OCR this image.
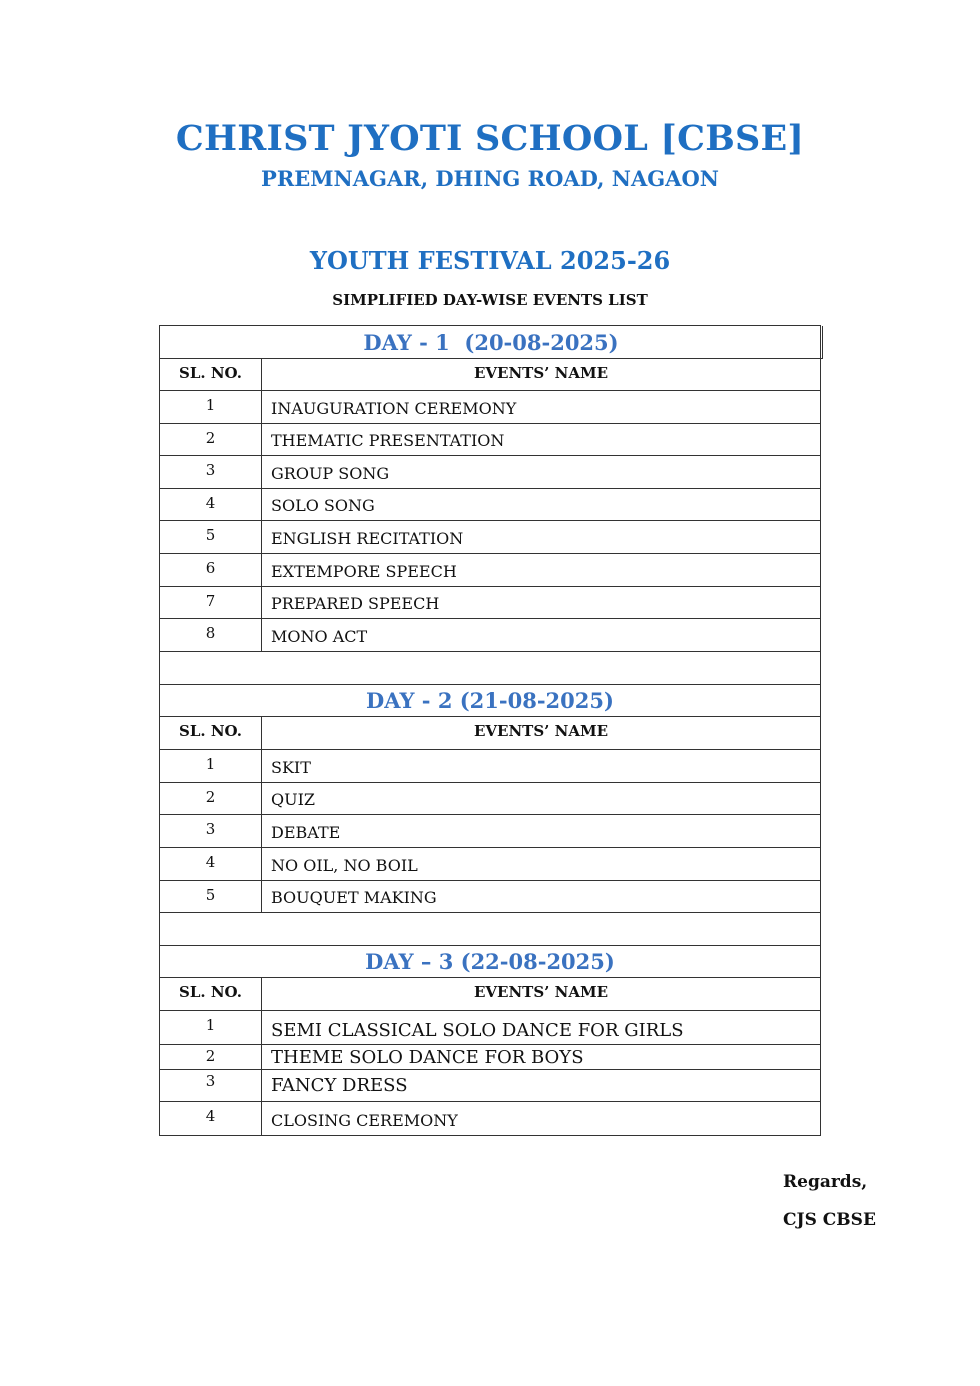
CHRIST JYOTI SCHOOL [CBSE]
PREMNAGAR, DHING ROAD, NAGAON
YOUTH FESTIVAL 2025-26
SIMPLIFIED DAY-WISE EVENTS LIST
DAY - 1  (20-08-2025)
SL. NO.	EVENTS’ NAME
1	INAUGURATION CEREMONY
2	THEMATIC PRESENTATION
3	GROUP SONG
4	SOLO SONG
5	ENGLISH RECITATION
6	EXTEMPORE SPEECH
7	PREPARED SPEECH
8	MONO ACT
DAY - 2 (21-08-2025)
SL. NO.	EVENTS’ NAME
1	SKIT
2	QUIZ
3	DEBATE
4	NO OIL, NO BOIL
5	BOUQUET MAKING
DAY – 3 (22-08-2025)
SL. NO.	EVENTS’ NAME
1	SEMI CLASSICAL SOLO DANCE FOR GIRLS
2	THEME SOLO DANCE FOR BOYS
3	FANCY DRESS
4	CLOSING CEREMONY
Regards,
CJS CBSE
